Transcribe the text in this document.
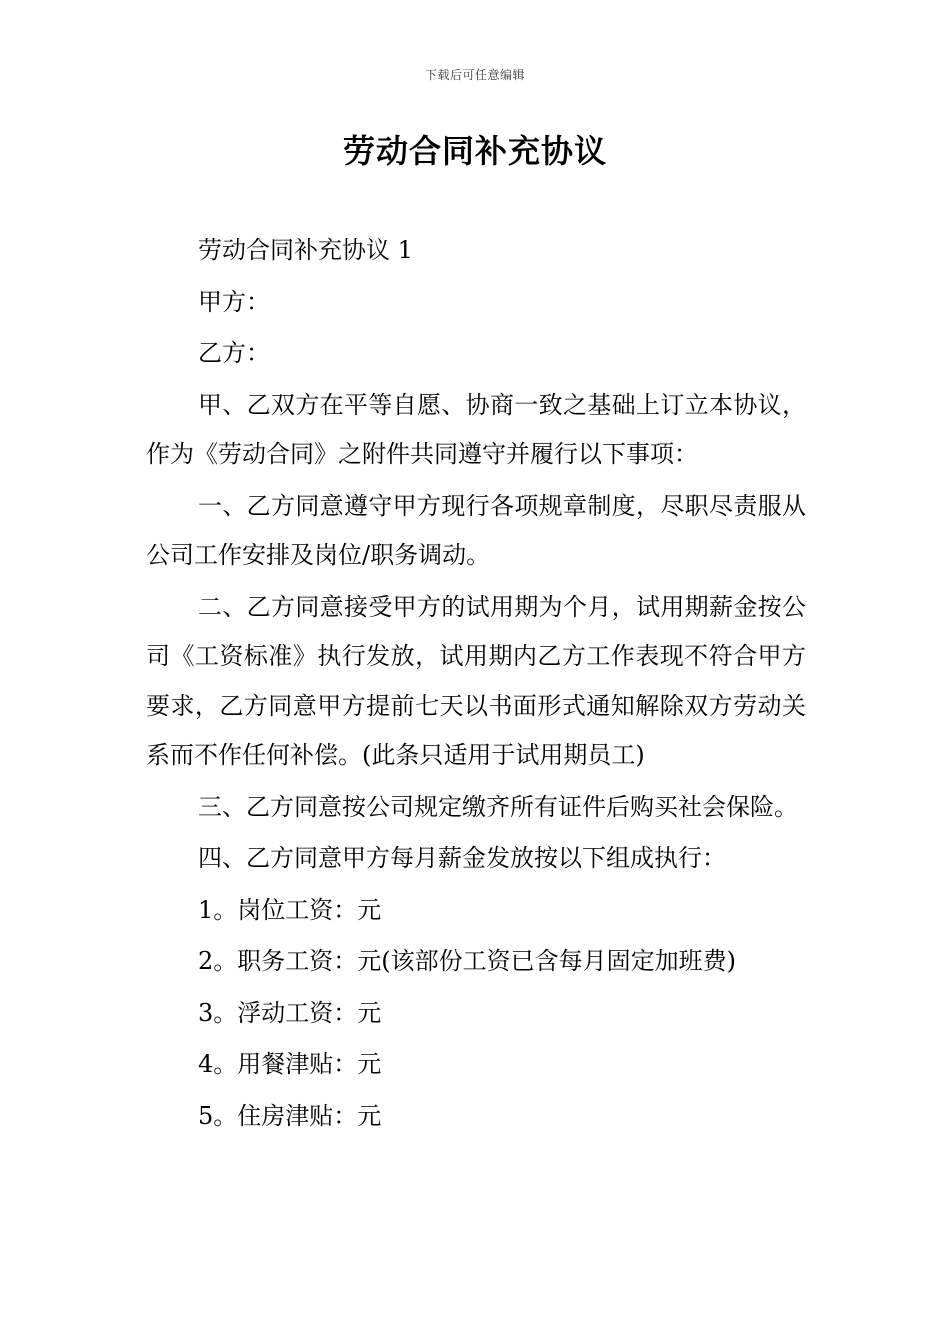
下载后可任意编辑
劳动合同补充协议

劳动合同补充协议 1

甲方：

乙方：

甲、乙双方在平等自愿、协商一致之基础上订立本协议，作为《劳动合同》之附件共同遵守并履行以下事项：

一、乙方同意遵守甲方现行各项规章制度，尽职尽责服从公司工作安排及岗位/职务调动。

二、乙方同意接受甲方的试用期为个月，试用期薪金按公司《工资标准》执行发放，试用期内乙方工作表现不符合甲方要求，乙方同意甲方提前七天以书面形式通知解除双方劳动关系而不作任何补偿。(此条只适用于试用期员工)

三、乙方同意按公司规定缴齐所有证件后购买社会保险。

四、乙方同意甲方每月薪金发放按以下组成执行：

1。岗位工资：元

2。职务工资：元(该部份工资已含每月固定加班费)

3。浮动工资：元

4。用餐津贴：元

5。住房津贴：元
